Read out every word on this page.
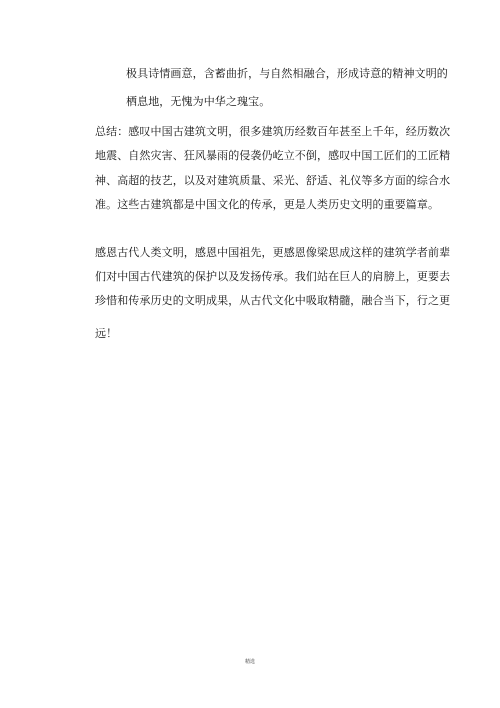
极具诗情画意，含蓄曲折，与自然相融合，形成诗意的精神文明的
栖息地，无愧为中华之瑰宝。
总结：感叹中国古建筑文明，很多建筑历经数百年甚至上千年，经历数次
地震、自然灾害、狂风暴雨的侵袭仍屹立不倒，感叹中国工匠们的工匠精
神、高超的技艺，以及对建筑质量、采光、舒适、礼仪等多方面的综合水
准。这些古建筑都是中国文化的传承，更是人类历史文明的重要篇章。
感恩古代人类文明，感恩中国祖先，更感恩像梁思成这样的建筑学者前辈
们对中国古代建筑的保护以及发扬传承。我们站在巨人的肩膀上，更要去
珍惜和传承历史的文明成果，从古代文化中吸取精髓，融合当下，行之更
远！
精选
